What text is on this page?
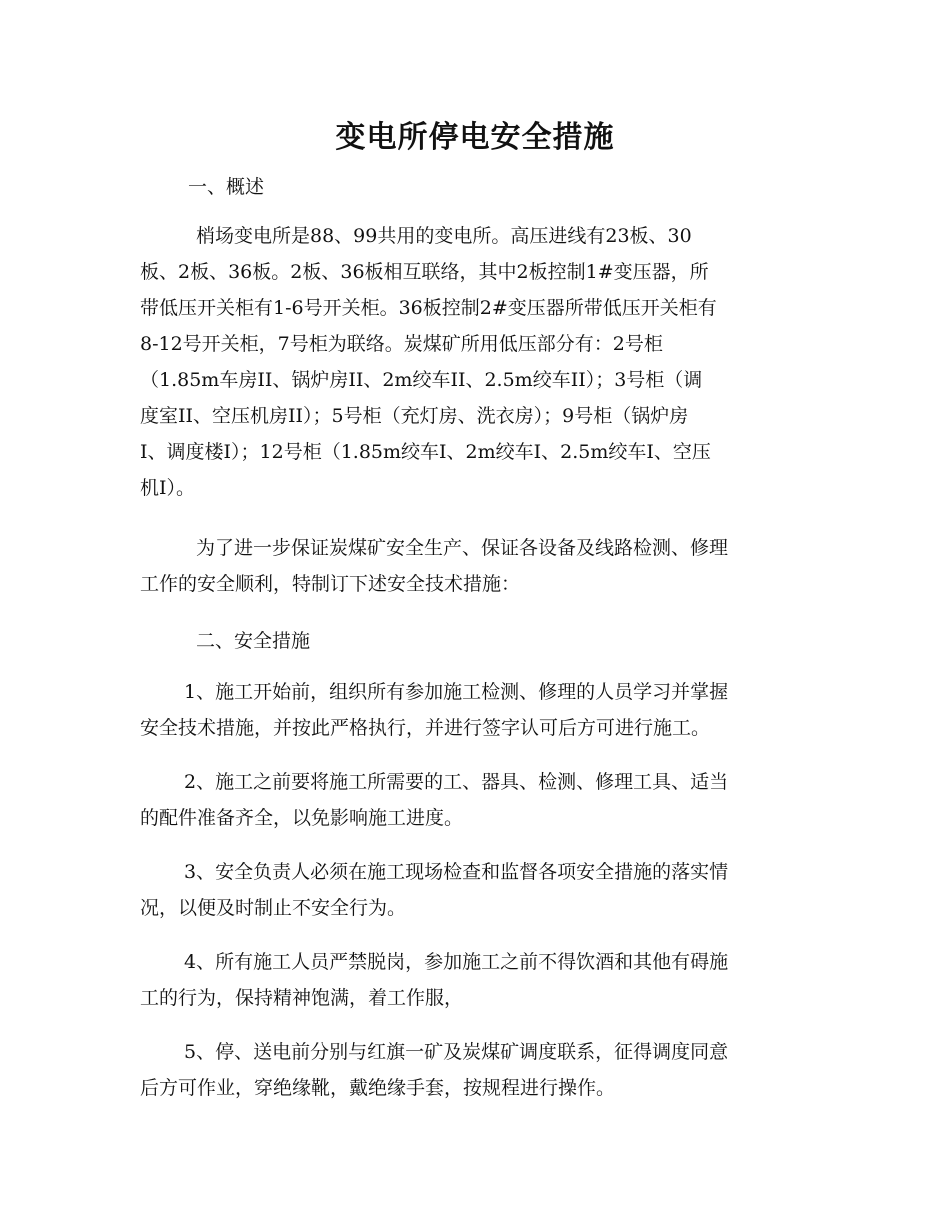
变电所停电安全措施

一、概述

梢场变电所是88、99共用的变电所。高压进线有23板、30
板、2板、36板。2板、36板相互联络，其中2板控制1#变压器，所
带低压开关柜有1-6号开关柜。36板控制2#变压器所带低压开关柜有
8-12号开关柜，7号柜为联络。炭煤矿所用低压部分有：2号柜
（1.85m车房II、锅炉房II、2m绞车II、2.5m绞车II）；3号柜（调
度室II、空压机房II）；5号柜（充灯房、洗衣房）；9号柜（锅炉房
I、调度楼I）；12号柜（1.85m绞车I、2m绞车I、2.5m绞车I、空压
机I）。
为了进一步保证炭煤矿安全生产、保证各设备及线路检测、修理
工作的安全顺利，特制订下述安全技术措施：

二、安全措施

1、施工开始前，组织所有参加施工检测、修理的人员学习并掌握
安全技术措施，并按此严格执行，并进行签字认可后方可进行施工。
2、施工之前要将施工所需要的工、器具、检测、修理工具、适当
的配件准备齐全，以免影响施工进度。
3、安全负责人必须在施工现场检查和监督各项安全措施的落实情
况，以便及时制止不安全行为。
4、所有施工人员严禁脱岗，参加施工之前不得饮酒和其他有碍施
工的行为，保持精神饱满，着工作服，
5、停、送电前分别与红旗一矿及炭煤矿调度联系，征得调度同意
后方可作业，穿绝缘靴，戴绝缘手套，按规程进行操作。
